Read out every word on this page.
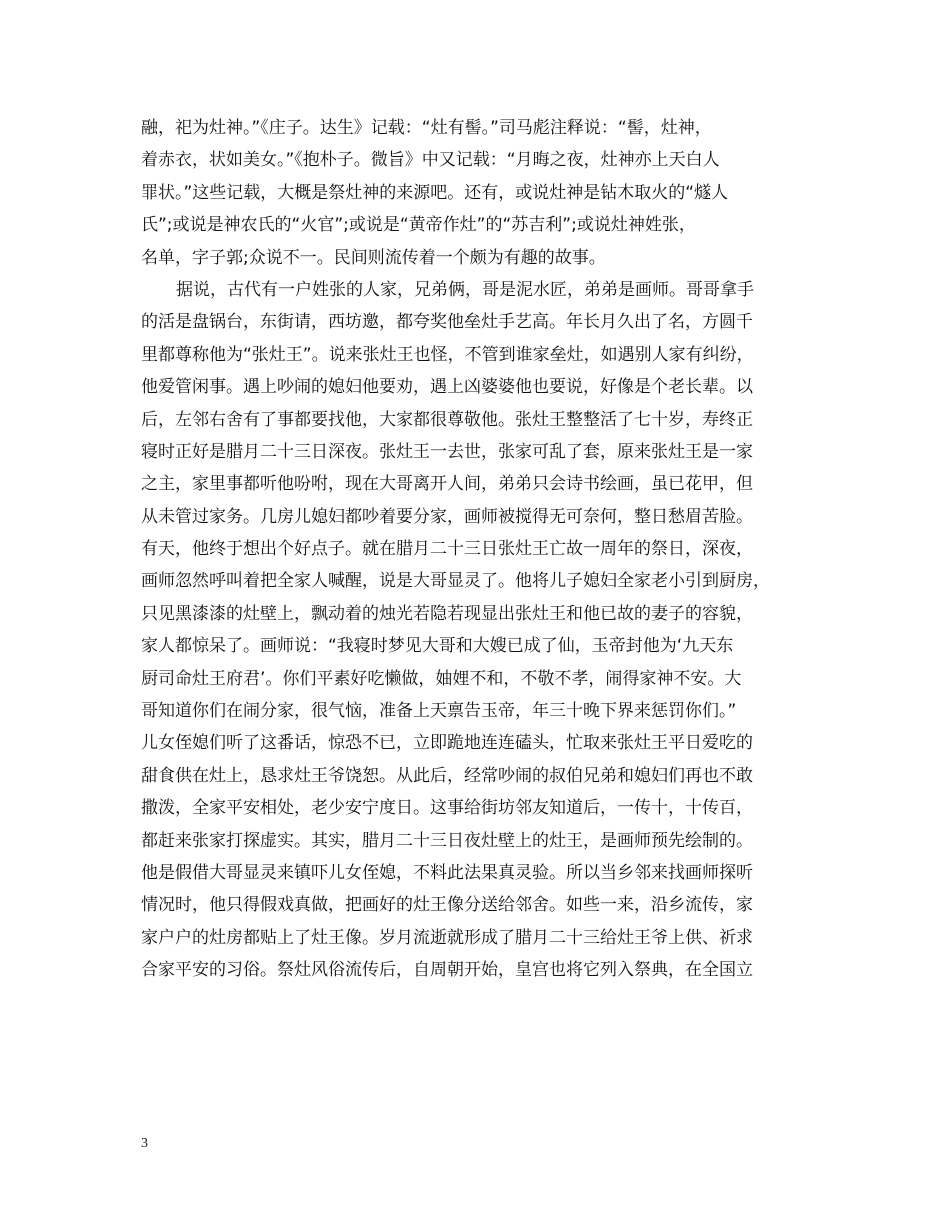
融，祀为灶神。”《庄子。达生》记载：“灶有髻。”司马彪注释说：“髻，灶神，
着赤衣，状如美女。”《抱朴子。微旨》中又记载：“月晦之夜，灶神亦上天白人
罪状。”这些记载，大概是祭灶神的来源吧。还有，或说灶神是钻木取火的“燧人
氏”;或说是神农氏的“火官”;或说是“黄帝作灶”的“苏吉利”;或说灶神姓张，
名单，字子郭;众说不一。民间则流传着一个颇为有趣的故事。
据说，古代有一户姓张的人家，兄弟俩，哥是泥水匠，弟弟是画师。哥哥拿手
的活是盘锅台，东街请，西坊邀，都夸奖他垒灶手艺高。年长月久出了名，方圆千
里都尊称他为“张灶王”。说来张灶王也怪，不管到谁家垒灶，如遇别人家有纠纷，
他爱管闲事。遇上吵闹的媳妇他要劝，遇上凶婆婆他也要说，好像是个老长辈。以
后，左邻右舍有了事都要找他，大家都很尊敬他。张灶王整整活了七十岁，寿终正
寝时正好是腊月二十三日深夜。张灶王一去世，张家可乱了套，原来张灶王是一家
之主，家里事都听他吩咐，现在大哥离开人间，弟弟只会诗书绘画，虽已花甲，但
从未管过家务。几房儿媳妇都吵着要分家，画师被搅得无可奈何，整日愁眉苦脸。
有天，他终于想出个好点子。就在腊月二十三日张灶王亡故一周年的祭日，深夜，
画师忽然呼叫着把全家人喊醒，说是大哥显灵了。他将儿子媳妇全家老小引到厨房，
只见黑漆漆的灶壁上，飘动着的烛光若隐若现显出张灶王和他已故的妻子的容貌，
家人都惊呆了。画师说：“我寝时梦见大哥和大嫂已成了仙，玉帝封他为‘九天东
厨司命灶王府君’。你们平素好吃懒做，妯娌不和，不敬不孝，闹得家神不安。大
哥知道你们在闹分家，很气恼，准备上天禀告玉帝，年三十晚下界来惩罚你们。”
儿女侄媳们听了这番话，惊恐不已，立即跪地连连磕头，忙取来张灶王平日爱吃的
甜食供在灶上，恳求灶王爷饶恕。从此后，经常吵闹的叔伯兄弟和媳妇们再也不敢
撒泼，全家平安相处，老少安宁度日。这事给街坊邻友知道后，一传十，十传百，
都赶来张家打探虚实。其实，腊月二十三日夜灶壁上的灶王，是画师预先绘制的。
他是假借大哥显灵来镇吓儿女侄媳，不料此法果真灵验。所以当乡邻来找画师探听
情况时，他只得假戏真做，把画好的灶王像分送给邻舍。如些一来，沿乡流传，家
家户户的灶房都贴上了灶王像。岁月流逝就形成了腊月二十三给灶王爷上供、祈求
合家平安的习俗。祭灶风俗流传后，自周朝开始，皇宫也将它列入祭典，在全国立
3
